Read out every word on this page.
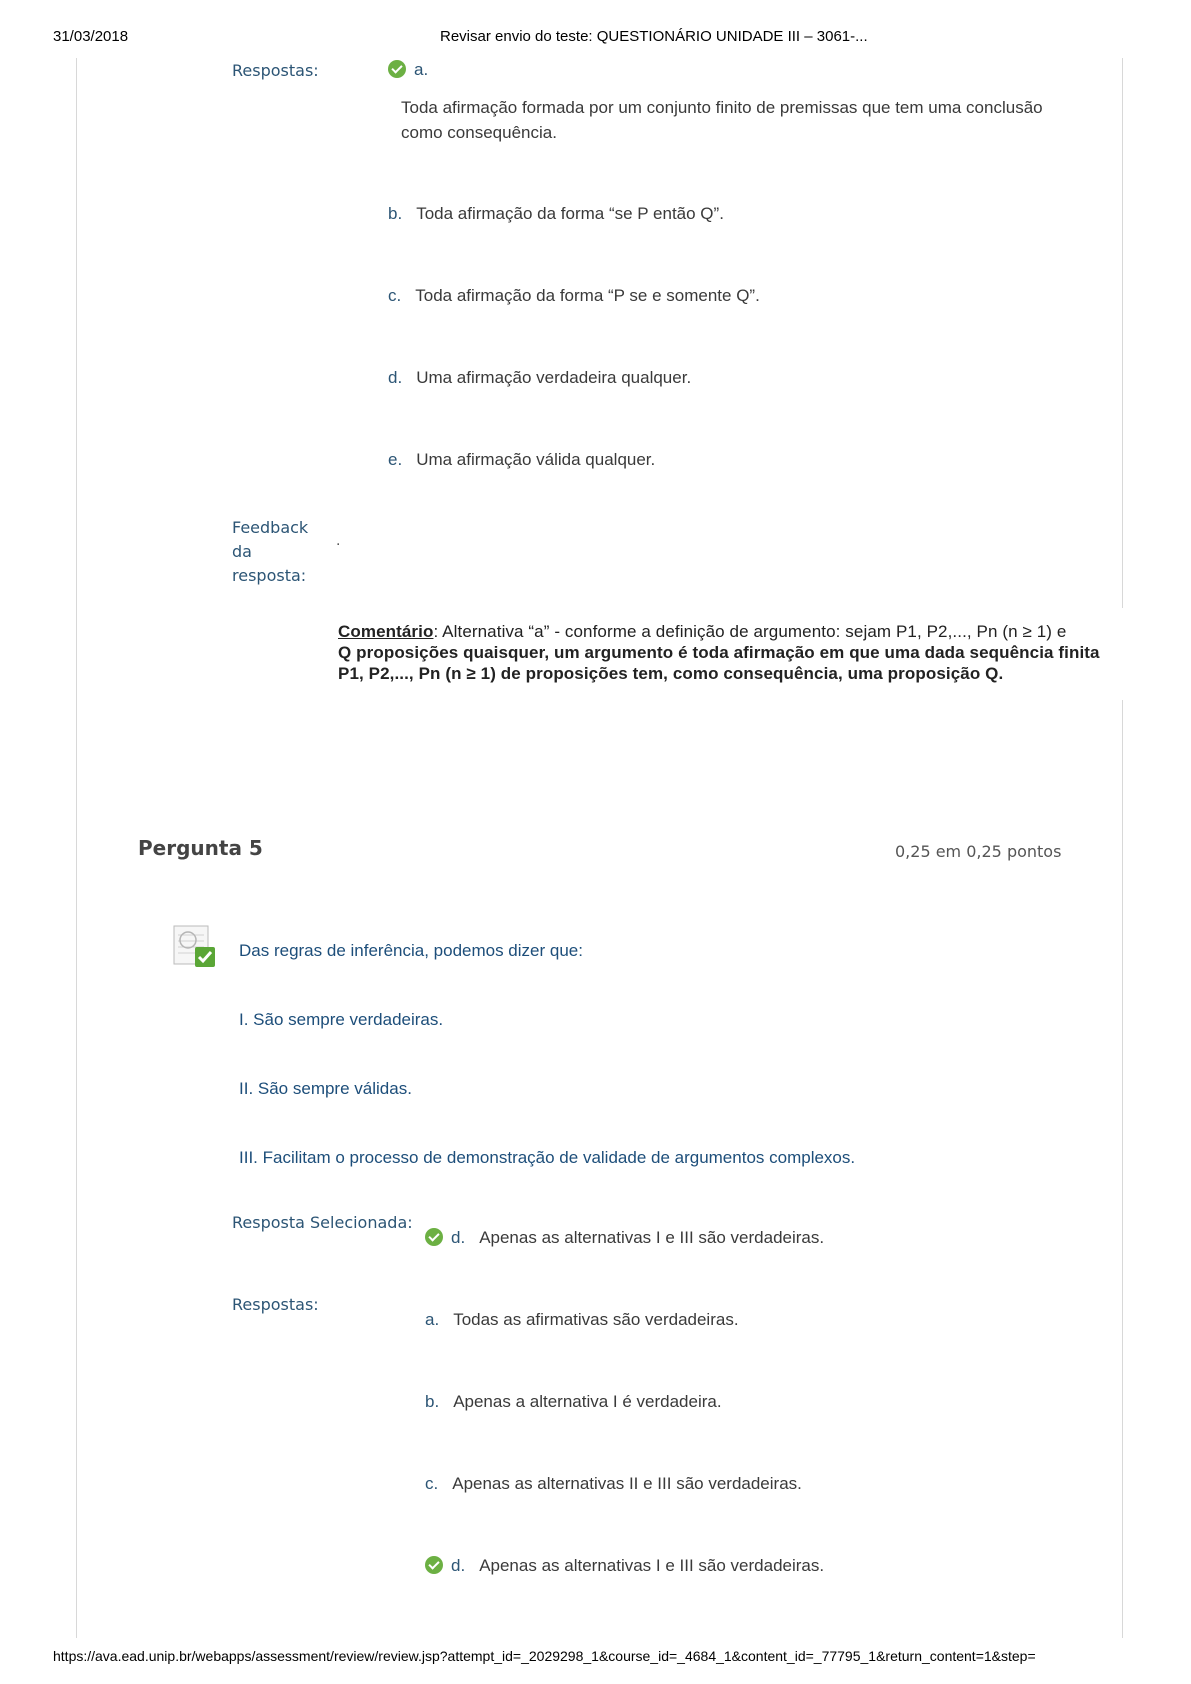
31/03/2018	Revisar envio do teste: QUESTIONÁRIO UNIDADE III – 3061-...
Respostas:	a.
Toda afirmação formada por um conjunto finito de premissas que tem uma conclusão
como consequência.
b. Toda afirmação da forma “se P então Q”.
c. Toda afirmação da forma “P se e somente Q”.
d. Uma afirmação verdadeira qualquer.
e. Uma afirmação válida qualquer.
Feedback
da
resposta:
.
Comentário: Alternativa “a” - conforme a definição de argumento: sejam P1, P2,..., Pn (n ≥ 1) e
Q proposições quaisquer, um argumento é toda afirmação em que uma dada sequência finita
P1, P2,..., Pn (n ≥ 1) de proposições tem, como consequência, uma proposição Q.
Pergunta 5	0,25 em 0,25 pontos
Das regras de inferência, podemos dizer que:
I. São sempre verdadeiras.
II. São sempre válidas.
III. Facilitam o processo de demonstração de validade de argumentos complexos.
Resposta Selecionada:
d. Apenas as alternativas I e III são verdadeiras.
Respostas:
a. Todas as afirmativas são verdadeiras.
b. Apenas a alternativa I é verdadeira.
c. Apenas as alternativas II e III são verdadeiras.
d. Apenas as alternativas I e III são verdadeiras.
https://ava.ead.unip.br/webapps/assessment/review/review.jsp?attempt_id=_2029298_1&course_id=_4684_1&content_id=_77795_1&return_content=1&step=
